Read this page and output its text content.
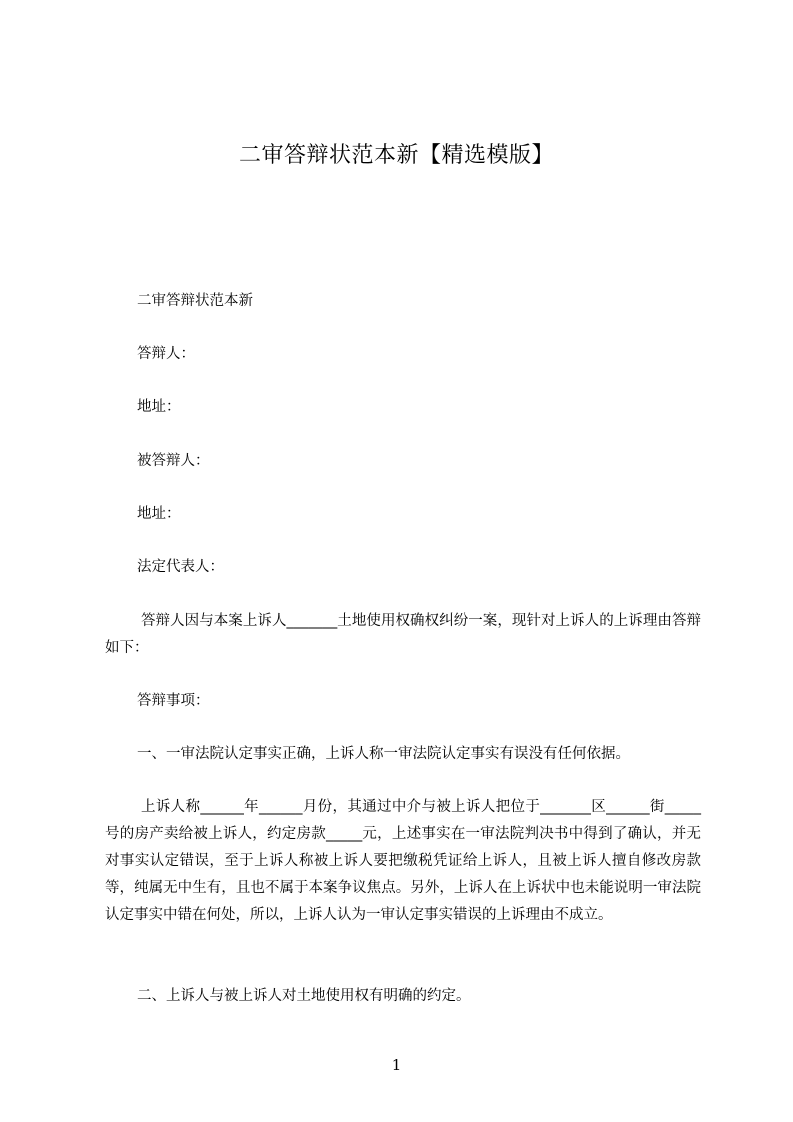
二审答辩状范本新【精选模版】

二审答辩状范本新

答辩人：

地址：

被答辩人：

地址：

法定代表人：

答辩人因与本案上诉人_______土地使用权确权纠纷一案，现针对上诉人的上诉理由答辩如下：

答辩事项：

一、一审法院认定事实正确，上诉人称一审法院认定事实有误没有任何依据。

上诉人称______年______月份，其通过中介与被上诉人把位于_______区______街_____号的房产卖给被上诉人，约定房款_____元，上述事实在一审法院判决书中得到了确认，并无对事实认定错误，至于上诉人称被上诉人要把缴税凭证给上诉人，且被上诉人擅自修改房款等，纯属无中生有，且也不属于本案争议焦点。另外，上诉人在上诉状中也未能说明一审法院认定事实中错在何处，所以，上诉人认为一审认定事实错误的上诉理由不成立。

二、上诉人与被上诉人对土地使用权有明确的约定。

1
